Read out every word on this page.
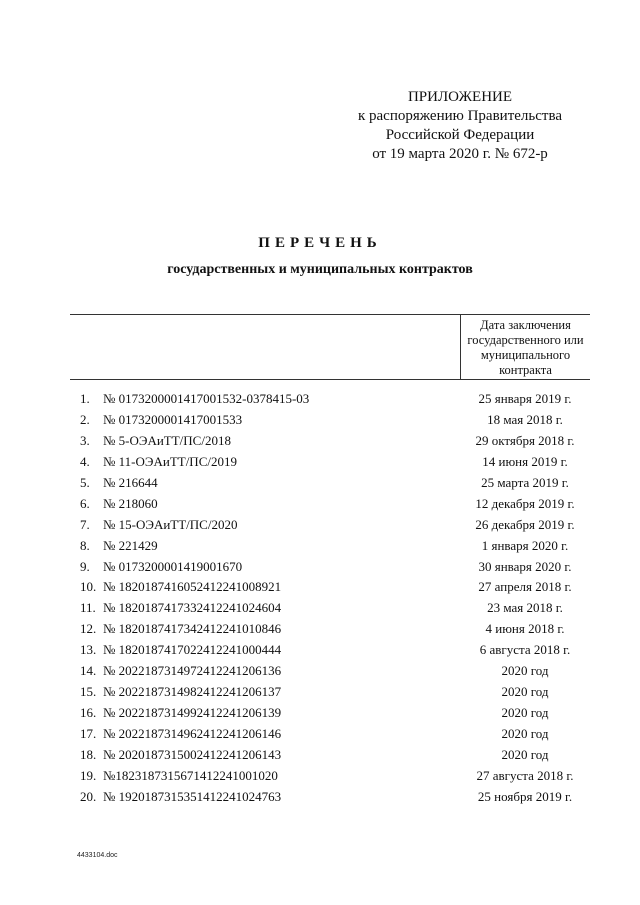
ПРИЛОЖЕНИЕ
к распоряжению Правительства
Российской Федерации
от 19 марта 2020 г. № 672-р
ПЕРЕЧЕНЬ
государственных и муниципальных контрактов
Дата заключения государственного или муниципального контракта
1.	№ 0173200001417001532-0378415-03	25 января 2019 г.
2.	№ 0173200001417001533	18 мая 2018 г.
3.	№ 5-ОЭАиТТ/ПС/2018	29 октября 2018 г.
4.	№ 11-ОЭАиТТ/ПС/2019	14 июня 2019 г.
5.	№ 216644	25 марта 2019 г.
6.	№ 218060	12 декабря 2019 г.
7.	№ 15-ОЭАиТТ/ПС/2020	26 декабря 2019 г.
8.	№ 221429	1 января 2020 г.
9.	№ 0173200001419001670	30 января 2020 г.
10. № 1820187416052412241008921	27 апреля 2018 г.
11. № 1820187417332412241024604	23 мая 2018 г.
12. № 1820187417342412241010846	4 июня 2018 г.
13. № 1820187417022412241000444	6 августа 2018 г.
14. № 2022187314972412241206136	2020 год
15. № 2022187314982412241206137	2020 год
16. № 2022187314992412241206139	2020 год
17. № 2022187314962412241206146	2020 год
18. № 2020187315002412241206143	2020 год
19. №1823187315671412241001020	27 августа 2018 г.
20. № 1920187315351412241024763	25 ноября 2019 г.
4433104.doc
